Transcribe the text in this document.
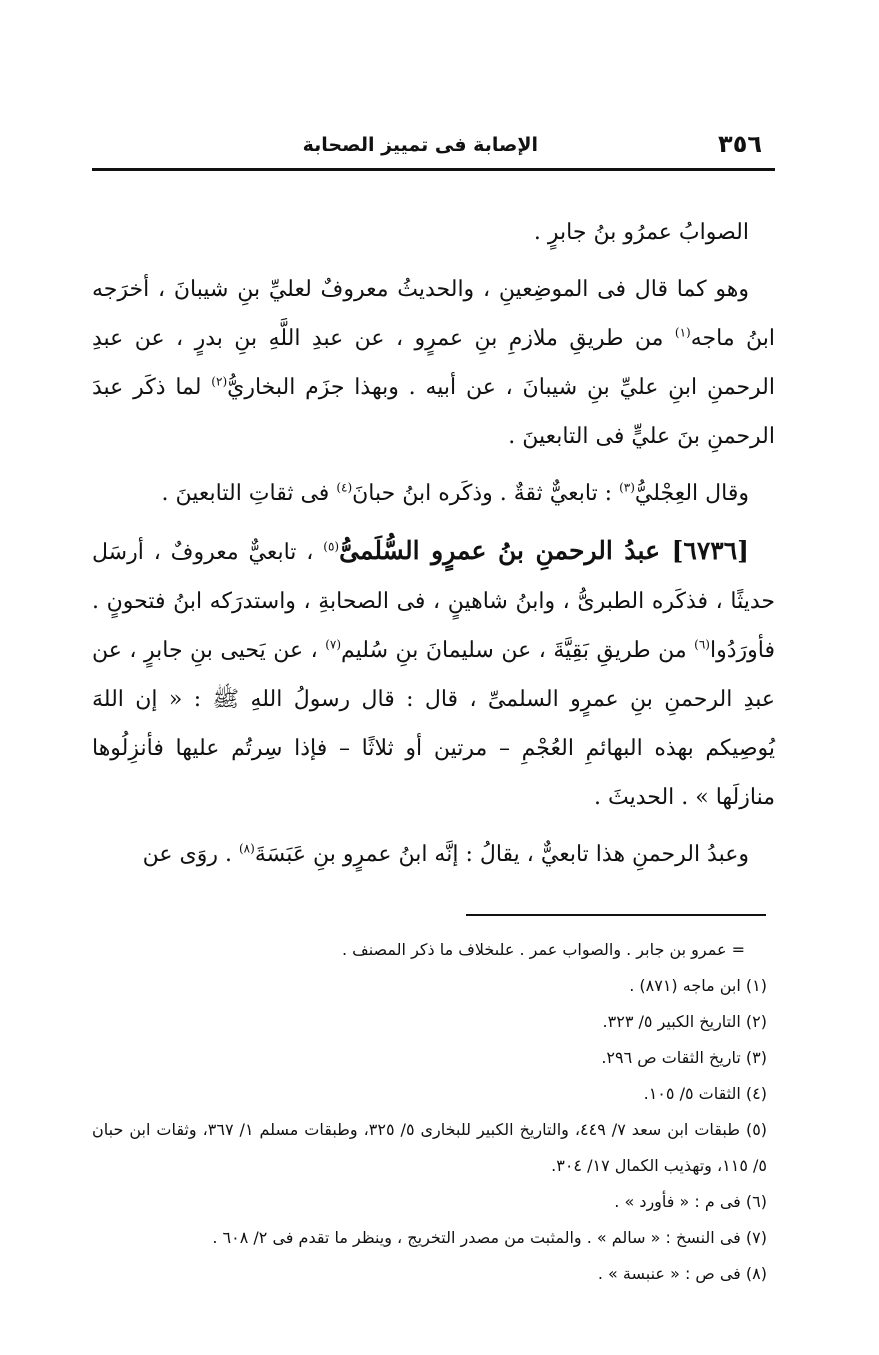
٣٥٦
الإصابة فى تمييز الصحابة

الصوابُ عمرُو بنُ جابرٍ .

وهو كما قال فى الموضِعينِ ، والحديثُ معروفٌ لعليِّ بنِ شيبانَ ، أخرَجه ابنُ ماجه$^{(١)}$ من طريقِ ملازمِ بنِ عمرٍو ، عن عبدِ اللَّهِ بنِ بدرٍ ، عن عبدِ الرحمنِ ابنِ عليِّ بنِ شيبانَ ، عن أبيه . وبهذا جزَم البخاريُّ$^{(٢)}$ لما ذكَر عبدَ الرحمنِ بنَ عليٍّ فى التابعينَ .

وقال العِجْليُّ$^{(٣)}$ : تابعيٌّ ثقةٌ . وذكَره ابنُ حبانَ$^{(٤)}$ فى ثقاتِ التابعينَ .

[٦٧٣٦] عبدُ الرحمنِ بنُ عمرٍو السُّلَمىُّ$^{(٥)}$ ، تابعيٌّ معروفٌ ، أرسَل حديثًا ، فذكَره الطبرىُّ ، وابنُ شاهينٍ ، فى الصحابةِ ، واستدرَكه ابنُ فتحونٍ . فأورَدُوا$^{(٦)}$ من طريقِ بَقِيَّةَ ، عن سليمانَ بنِ سُليم$^{(٧)}$ ، عن يَحيى بنِ جابرٍ ، عن عبدِ الرحمنِ بنِ عمرٍو السلمىِّ ، قال : قال رسولُ اللهِ ﷺ : « إن اللهَ يُوصِيكم بهذه البهائمِ العُجْمِ – مرتين أو ثلاثًا – فإذا سِرتُم عليها فأنزِلُوها منازلَها » . الحديثَ .

وعبدُ الرحمنِ هذا تابعيٌّ ، يقالُ : إنَّه ابنُ عمرٍو بنِ عَبَسَةَ$^{(٨)}$ . روَى عن

= عمرو بن جابر . والصواب عمر . علىخلاف ما ذكر المصنف .

(١) ابن ماجه (٨٧١) .

(٢) التاريخ الكبير ٥/ ٣٢٣.

(٣) تاريخ الثقات ص ٢٩٦.

(٤) الثقات ٥/ ١٠٥.

(٥) طبقات ابن سعد ٧/ ٤٤٩، والتاريخ الكبير للبخارى ٥/ ٣٢٥، وطبقات مسلم ١/ ٣٦٧، وثقات ابن حبان ٥/ ١١٥، وتهذيب الكمال ١٧/ ٣٠٤.

(٦) فى م : « فأورد » .

(٧) فى النسخ : « سالم » . والمثبت من مصدر التخريج ، وينظر ما تقدم فى ٢/ ٦٠٨ .

(٨) فى ص : « عنبسة » .
